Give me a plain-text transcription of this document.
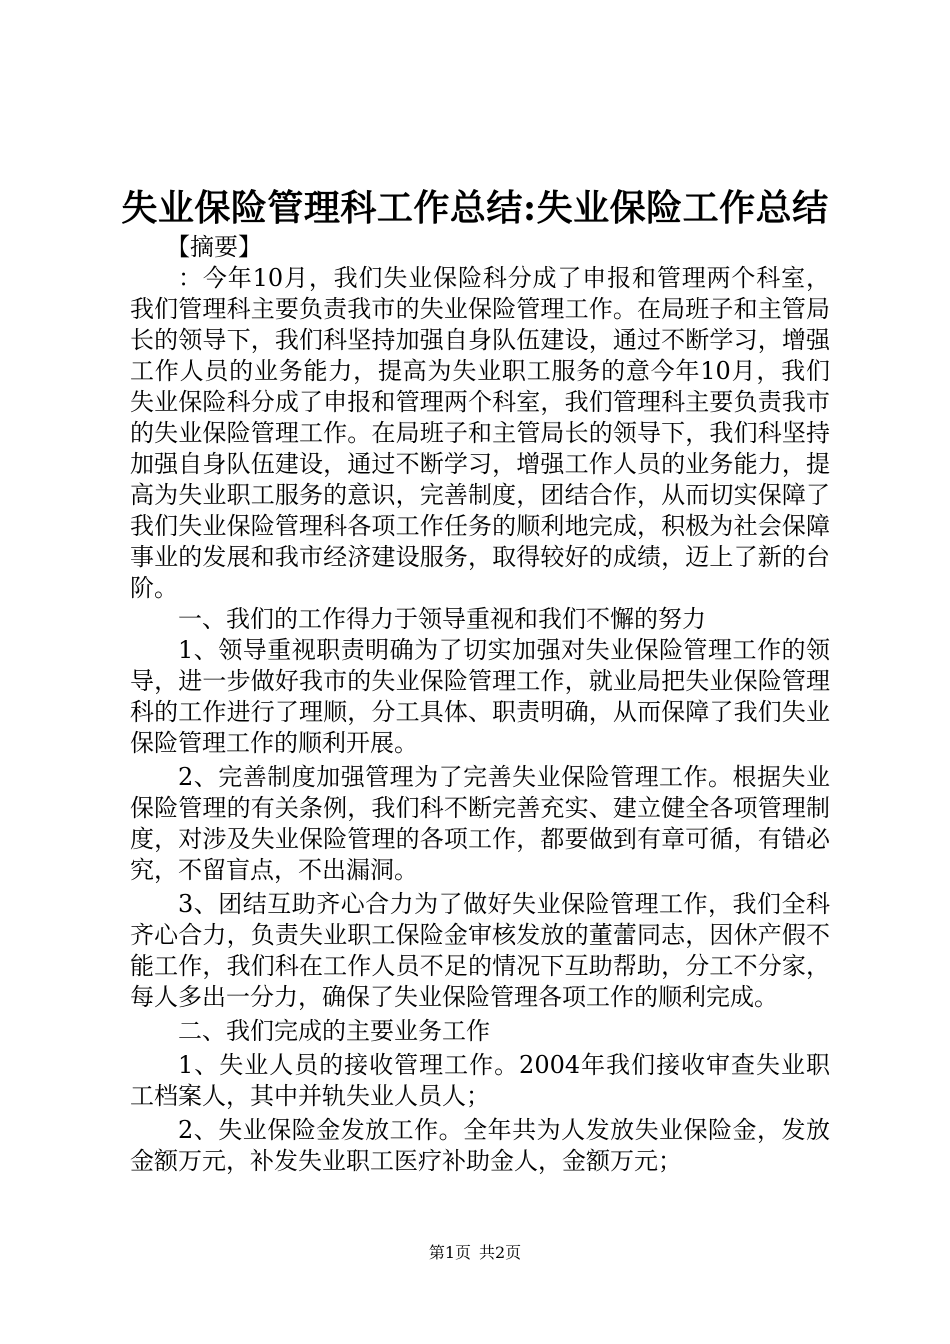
失业保险管理科工作总结:失业保险工作总结

【摘要】

：今年10月，我们失业保险科分成了申报和管理两个科室，我们管理科主要负责我市的失业保险管理工作。在局班子和主管局长的领导下，我们科坚持加强自身队伍建设，通过不断学习，增强工作人员的业务能力，提高为失业职工服务的意今年10月，我们失业保险科分成了申报和管理两个科室，我们管理科主要负责我市的失业保险管理工作。在局班子和主管局长的领导下，我们科坚持加强自身队伍建设，通过不断学习，增强工作人员的业务能力，提高为失业职工服务的意识，完善制度，团结合作，从而切实保障了我们失业保险管理科各项工作任务的顺利地完成，积极为社会保障事业的发展和我市经济建设服务，取得较好的成绩，迈上了新的台阶。

一、我们的工作得力于领导重视和我们不懈的努力

1、领导重视职责明确为了切实加强对失业保险管理工作的领导，进一步做好我市的失业保险管理工作，就业局把失业保险管理科的工作进行了理顺，分工具体、职责明确，从而保障了我们失业保险管理工作的顺利开展。

2、完善制度加强管理为了完善失业保险管理工作。根据失业保险管理的有关条例，我们科不断完善充实、建立健全各项管理制度，对涉及失业保险管理的各项工作，都要做到有章可循，有错必究，不留盲点，不出漏洞。

3、团结互助齐心合力为了做好失业保险管理工作，我们全科齐心合力，负责失业职工保险金审核发放的董蕾同志，因休产假不能工作，我们科在工作人员不足的情况下互助帮助，分工不分家，每人多出一分力，确保了失业保险管理各项工作的顺利完成。

二、我们完成的主要业务工作

1、失业人员的接收管理工作。2004年我们接收审查失业职工档案人，其中并轨失业人员人；

2、失业保险金发放工作。全年共为人发放失业保险金，发放金额万元，补发失业职工医疗补助金人，金额万元；

第1页 共2页
